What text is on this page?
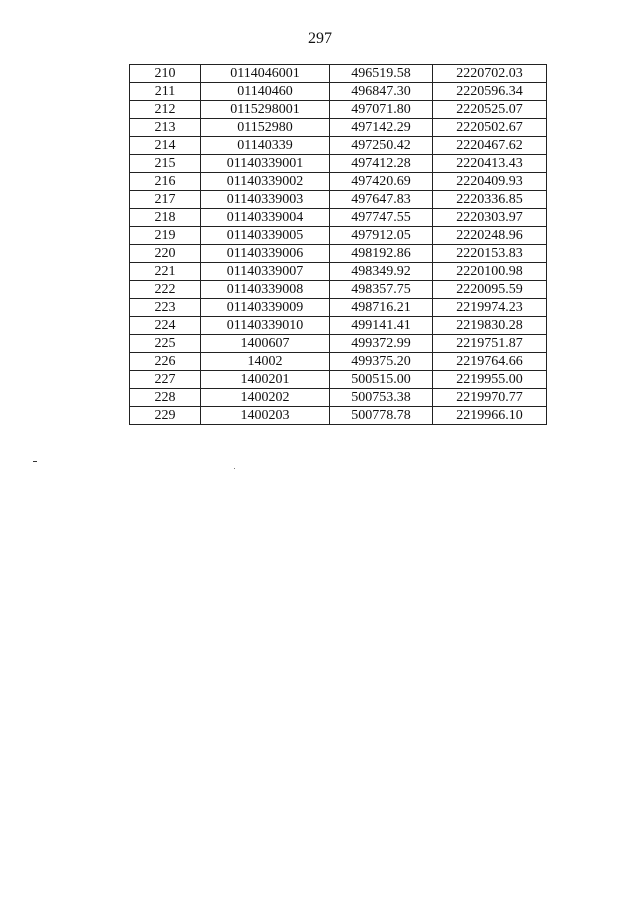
297
210	0114046001	496519.58	2220702.03
211	01140460	496847.30	2220596.34
212	0115298001	497071.80	2220525.07
213	01152980	497142.29	2220502.67
214	01140339	497250.42	2220467.62
215	01140339001	497412.28	2220413.43
216	01140339002	497420.69	2220409.93
217	01140339003	497647.83	2220336.85
218	01140339004	497747.55	2220303.97
219	01140339005	497912.05	2220248.96
220	01140339006	498192.86	2220153.83
221	01140339007	498349.92	2220100.98
222	01140339008	498357.75	2220095.59
223	01140339009	498716.21	2219974.23
224	01140339010	499141.41	2219830.28
225	1400607	499372.99	2219751.87
226	14002	499375.20	2219764.66
227	1400201	500515.00	2219955.00
228	1400202	500753.38	2219970.77
229	1400203	500778.78	2219966.10
